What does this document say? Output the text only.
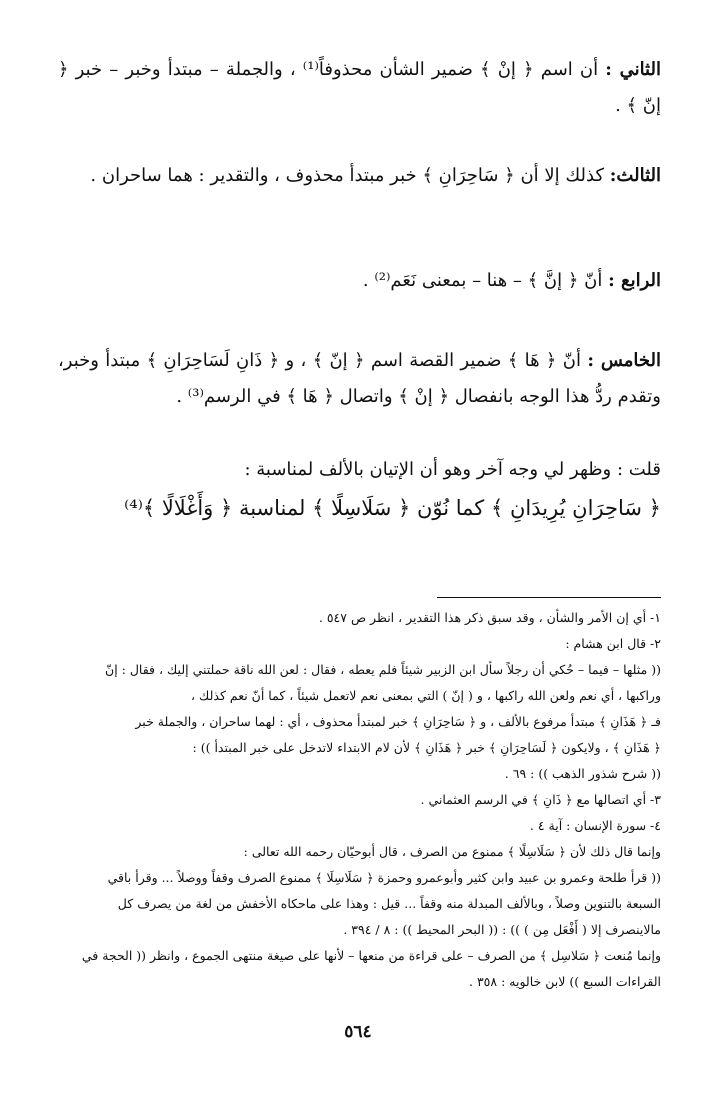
الثاني : أن اسم ﴿ إنْ ﴾ ضمير الشأن محذوفاً⁽¹⁾ ، والجملة – مبتدأ وخبر – خبر ﴿ إنّ ﴾ .

الثالث: كذلك إلا أن ﴿ سَاحِرَانِ ﴾ خبر مبتدأ محذوف ، والتقدير : هما ساحران .

الرابع : أنّ ﴿ إنَّ ﴾ – هنا – بمعنى نَعَم⁽²⁾ .

الخامس : أنّ ﴿ هَا ﴾ ضمير القصة اسم ﴿ إنّ ﴾ ، و ﴿ ذَانِ لَسَاحِرَانِ ﴾ مبتدأ وخبر، وتقدم ردُّ هذا الوجه بانفصال ﴿ إنْ ﴾ واتصال ﴿ هَا ﴾ في الرسم⁽³⁾ .

قلت : وظهر لي وجه آخر وهو أن الإتيان بالألف لمناسبة :
﴿ سَاحِرَانِ يُرِيدَانِ ﴾ كما نُوّن ﴿ سَلَاسِلًا ﴾ لمناسبة ﴿ وَأَغْلَالًا ﴾⁽⁴⁾

١- أي إن الأمر والشأن ، وقد سبق ذكر هذا التقدير ، انظر ص ٥٤٧ .

٢- قال ابن هشام :

(( مثلها – فيما – حُكي أن رجلاً سأل ابن الزبير شيئاً فلم يعطه ، فقال : لعن الله ناقة حملتني إليك ، فقال : إنّ

وراكبها ، أي نعم ولعن الله راكبها ، و ( إنّ ) التي بمعنى نعم لاتعمل شيئاً ، كما أنّ نعم كذلك ،

فـ ﴿ هَذَانِ ﴾ مبتدأ مرفوع بالألف ، و ﴿ سَاحِرَانِ ﴾ خبر لمبتدأ محذوف ، أي : لهما ساحران ، والجملة خبر

﴿ هَذَانِ ﴾ ، ولايكون ﴿ لَسَاحِرَانِ ﴾ خبر ﴿ هَذَانِ ﴾ لأن لام الابتداء لاتدخل على خبر المبتدأ )) :

(( شرح شذور الذهب )) : ٦٩ .

٣- أي اتصالها مع ﴿ ذَانِ ﴾ في الرسم العثماني .

٤- سورة الإنسان : آية ٤ .

وإنما قال ذلك لأن ﴿ سَلَاسِلًا ﴾ ممنوع من الصرف ، قال أبوحيّان رحمه الله تعالى :

(( قرأ طلحة وعمرو بن عبيد وابن كثير وأبوعمرو وحمزة ﴿ سَلَاسِلَا ﴾ ممنوع الصرف وقفاً ووصلاً ... وقرأ باقي

السبعة بالتنوين وصلاً ، وبالألف المبدلة منه وقفاً ... قيل : وهذا على ماحكاه الأخفش من لغة من يصرف كل

مالاينصرف إلا ( أَفْعَل مِن ) )) : (( البحر المحيط )) : ٨ / ٣٩٤ .

وإنما مُنعت ﴿ سَلاسِل ﴾ من الصرف – على قراءة من منعها – لأنها على صيغة منتهى الجموع ، وانظر (( الحجة في

القراءات السبع )) لابن خالويه : ٣٥٨ .

٥٦٤
